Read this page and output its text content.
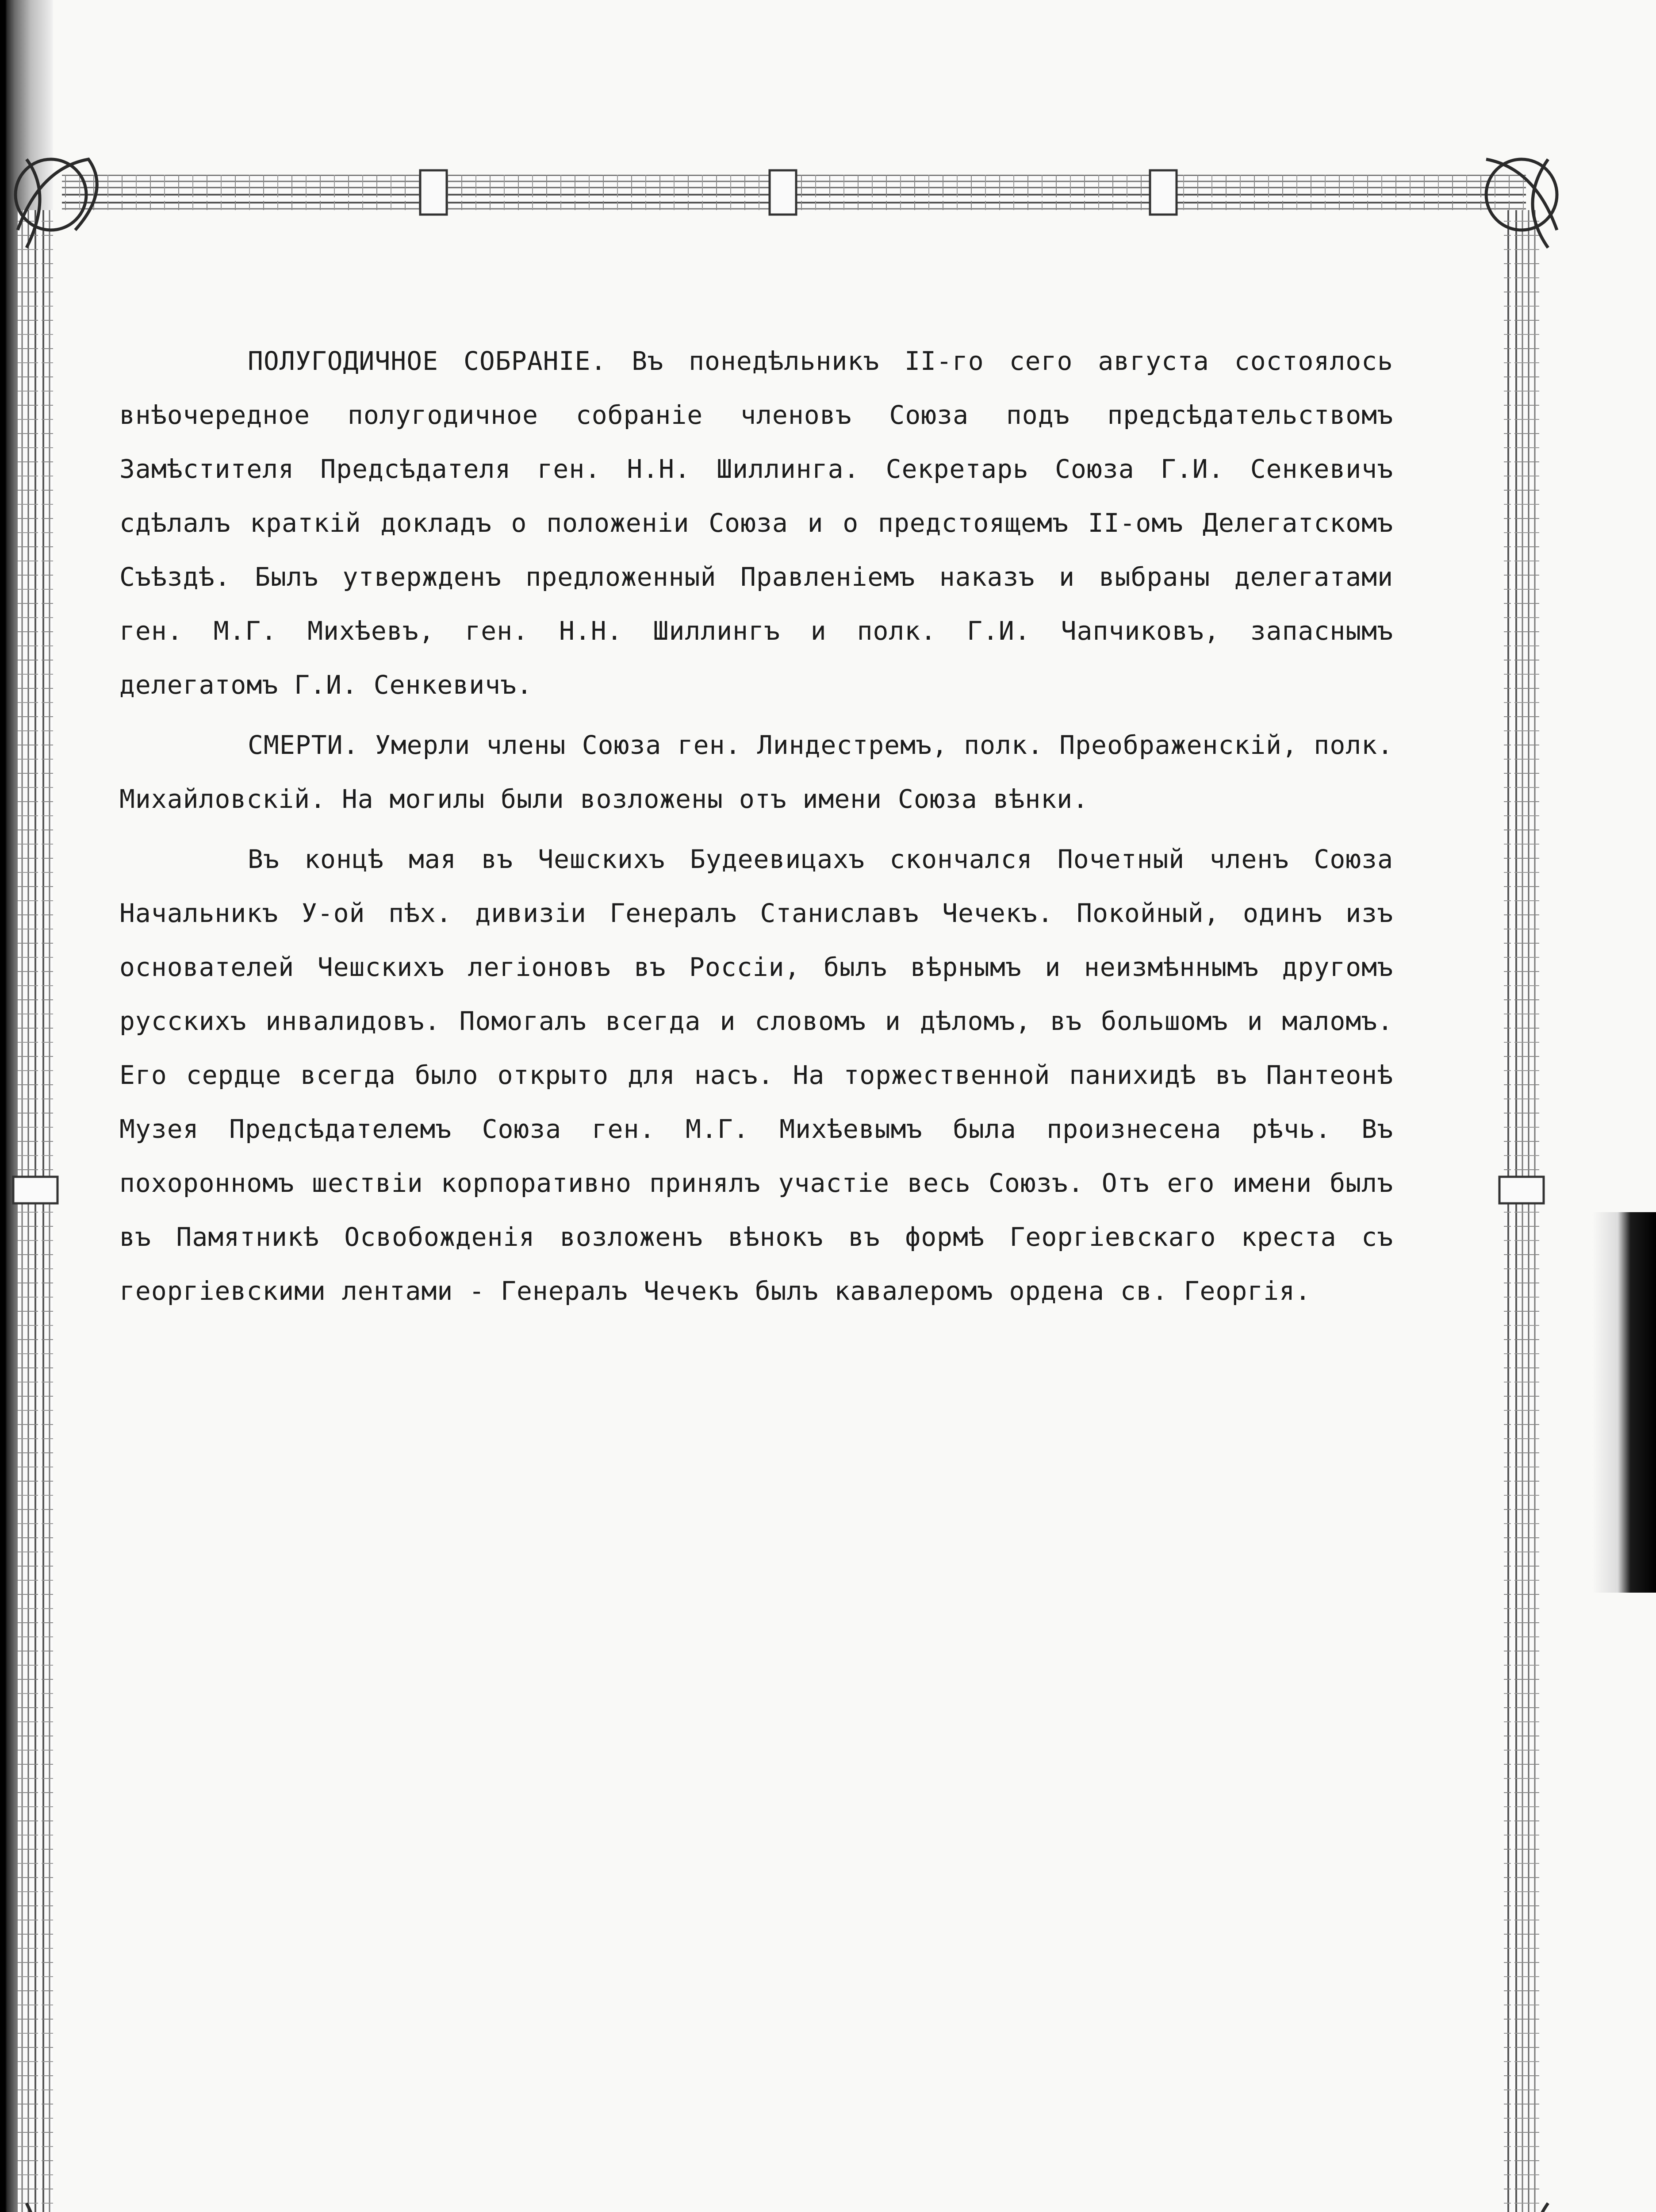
ПОЛУГОДИЧНОЕ СОБРАНІЕ. Въ понедѣльникъ II-го сего августа состоялось внѣочередное полугодичное собраніе членовъ Союза подъ предсѣдательствомъ Замѣстителя Предсѣдателя ген. Н.Н. Шиллинга. Секретарь Союза Г.И. Сенкевичъ сдѣлалъ краткій докладъ о положеніи Союза и о предстоящемъ II-омъ Делегатскомъ Съѣздѣ. Былъ утвержденъ предложенный Правленіемъ наказъ и выбраны делегатами ген. М.Г. Михѣевъ, ген. Н.Н. Шиллингъ и полк. Г.И. Чапчиковъ, запаснымъ делегатомъ Г.И. Сенкевичъ.

СМЕРТИ. Умерли члены Союза ген. Линдестремъ, полк. Преображенскій, полк. Михайловскій. На могилы были возложены отъ имени Союза вѣнки.

Въ концѣ мая въ Чешскихъ Будеевицахъ скончался Почетный членъ Союза Начальникъ У-ой пѣх. дивизіи Генералъ Станиславъ Чечекъ. Покойный, одинъ изъ основателей Чешскихъ легіоновъ въ Россіи, былъ вѣрнымъ и неизмѣннымъ другомъ русскихъ инвалидовъ. Помогалъ всегда и словомъ и дѣломъ, въ большомъ и маломъ. Его сердце всегда было открыто для насъ. На торжественной панихидѣ въ Пантеонѣ Музея Предсѣдателемъ Союза ген. М.Г. Михѣевымъ была произнесена рѣчь. Въ похоронномъ шествіи корпоративно принялъ участіе весь Союзъ. Отъ его имени былъ въ Памятникѣ Освобожденія возложенъ вѣнокъ въ формѣ Георгіевскаго креста съ георгіевскими лентами - Генералъ Чечекъ былъ кавалеромъ ордена св. Георгія.
